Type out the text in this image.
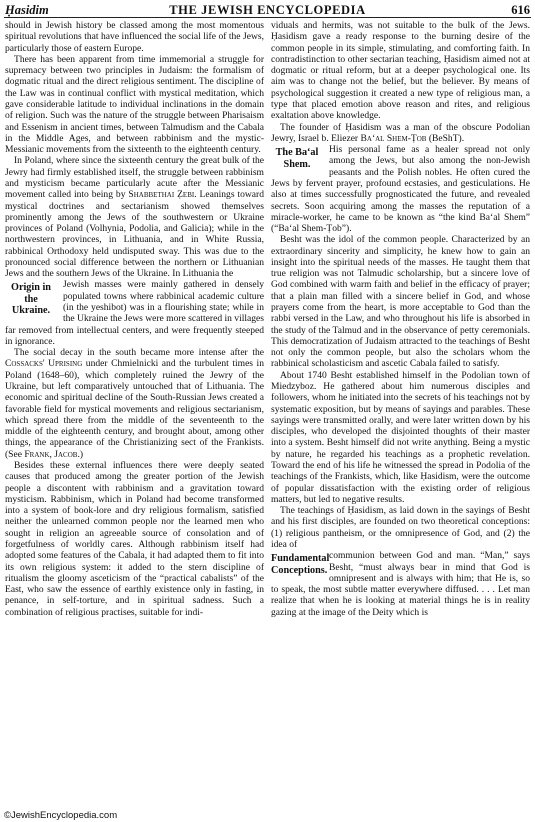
Ḥasidim	THE JEWISH ENCYCLOPEDIA	616

should in Jewish history be classed among the most momentous spiritual revolutions that have influenced the social life of the Jews, particularly those of eastern Europe.

There has been apparent from time immemorial a struggle for supremacy between two principles in Judaism: the formalism of dogmatic ritual and the direct religious sentiment. The discipline of the Law was in continual conflict with mystical meditation, which gave considerable latitude to individual inclinations in the domain of religion. Such was the nature of the struggle between Pharisaism and Essenism in ancient times, between Talmudism and the Cabala in the Middle Ages, and between rabbinism and the mystic-Messianic movements from the sixteenth to the eighteenth century.

In Poland, where since the sixteenth century the great bulk of the Jewry had firmly established itself, the struggle between rabbinism and mysticism became particularly acute after the Messianic movement called into being by Shabbethai Ẓebi. Leanings toward mystical doctrines and sectarianism showed themselves prominently among the Jews of the southwestern or Ukraine provinces of Poland (Volhynia, Podolia, and Galicia); while in the northwestern provinces, in Lithuania, and in White Russia, rabbinical Orthodoxy held undisputed sway. This was due to the pronounced social difference between the northern or Lithuanian Jews and the southern Jews of the Ukraine. In Lithuania the

Origin in the Ukraine.
Jewish masses were mainly gathered in densely populated towns where rabbinical academic culture (in the yeshibot) was in a flourishing state; while in the Ukraine the Jews were more scattered in villages far removed from intellectual centers, and were frequently steeped in ignorance.

The social decay in the south became more intense after the Cossacks' Uprising under Chmielnicki and the turbulent times in Poland (1648–60), which completely ruined the Jewry of the Ukraine, but left comparatively untouched that of Lithuania. The economic and spiritual decline of the South-Russian Jews created a favorable field for mystical movements and religious sectarianism, which spread there from the middle of the seventeenth to the middle of the eighteenth century, and brought about, among other things, the appearance of the Christianizing sect of the Frankists. (See Frank, Jacob.)

Besides these external influences there were deeply seated causes that produced among the greater portion of the Jewish people a discontent with rabbinism and a gravitation toward mysticism. Rabbinism, which in Poland had become transformed into a system of book-lore and dry religious formalism, satisfied neither the unlearned common people nor the learned men who sought in religion an agreeable source of consolation and of forgetfulness of worldly cares. Although rabbinism itself had adopted some features of the Cabala, it had adapted them to fit into its own religious system: it added to the stern discipline of ritualism the gloomy asceticism of the “practical cabalists” of the East, who saw the essence of earthly existence only in fasting, in penance, in self-torture, and in spiritual sadness. Such a combination of religious practises, suitable for indi-

viduals and hermits, was not suitable to the bulk of the Jews. Ḥasidism gave a ready response to the burning desire of the common people in its simple, stimulating, and comforting faith. In contradistinction to other sectarian teaching, Ḥasidism aimed not at dogmatic or ritual reform, but at a deeper psychological one. Its aim was to change not the belief, but the believer. By means of psychological suggestion it created a new type of religious man, a type that placed emotion above reason and rites, and religious exaltation above knowledge.

The founder of Ḥasidism was a man of the obscure Podolian Jewry, Israel b. Eliezer Ba‘al Shem-Ṭob (BeShT).

The Ba‘al Shem.
His personal fame as a healer spread not only among the Jews, but also among the non-Jewish peasants and the Polish nobles. He often cured the Jews by fervent prayer, profound ecstasies, and gesticulations. He also at times successfully prognosticated the future, and revealed secrets. Soon acquiring among the masses the reputation of a miracle-worker, he came to be known as “the kind Ba‘al Shem” (“Ba‘al Shem-Ṭob”).

Besht was the idol of the common people. Characterized by an extraordinary sincerity and simplicity, he knew how to gain an insight into the spiritual needs of the masses. He taught them that true religion was not Talmudic scholarship, but a sincere love of God combined with warm faith and belief in the efficacy of prayer; that a plain man filled with a sincere belief in God, and whose prayers come from the heart, is more acceptable to God than the rabbi versed in the Law, and who throughout his life is absorbed in the study of the Talmud and in the observance of petty ceremonials. This democratization of Judaism attracted to the teachings of Besht not only the common people, but also the scholars whom the rabbinical scholasticism and ascetic Cabala failed to satisfy.

About 1740 Besht established himself in the Podolian town of Miedzyboz. He gathered about him numerous disciples and followers, whom he initiated into the secrets of his teachings not by systematic exposition, but by means of sayings and parables. These sayings were transmitted orally, and were later written down by his disciples, who developed the disjointed thoughts of their master into a system. Besht himself did not write anything. Being a mystic by nature, he regarded his teachings as a prophetic revelation. Toward the end of his life he witnessed the spread in Podolia of the teachings of the Frankists, which, like Ḥasidism, were the outcome of popular dissatisfaction with the existing order of religious matters, but led to negative results.

The teachings of Ḥasidism, as laid down in the sayings of Besht and his first disciples, are founded on two theoretical conceptions: (1) religious pantheism, or the omnipresence of God, and (2) the idea of

Fundamental Conceptions.
communion between God and man. “Man,” says Besht, “must always bear in mind that God is omnipresent and is always with him; that He is, so to speak, the most subtle matter everywhere diffused. . . . Let man realize that when he is looking at material things he is in reality gazing at the image of the Deity which is

©JewishEncyclopedia.com
